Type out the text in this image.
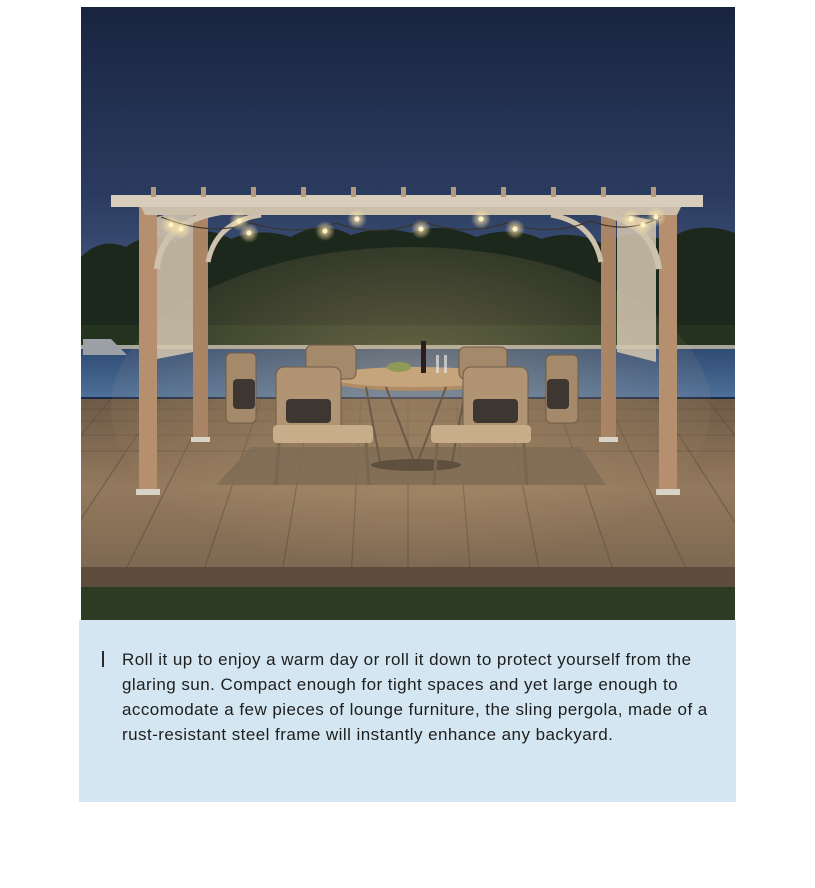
Roll it up to enjoy a warm day or roll it down to protect yourself from the glaring sun. Compact enough for tight spaces and yet large enough to accomodate a few pieces of lounge furniture, the sling pergola, made of a rust-resistant steel frame will instantly enhance any backyard.
